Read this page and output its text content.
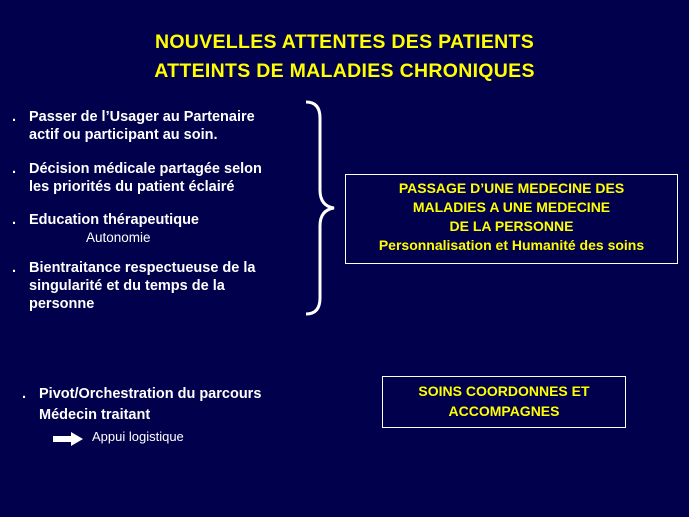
NOUVELLES ATTENTES DES PATIENTS
ATTEINTS DE MALADIES CHRONIQUES
. Passer de l’Usager au Partenaire
actif ou participant au soin.
. Décision médicale partagée selon
les priorités du patient éclairé
. Education thérapeutique
Autonomie
. Bientraitance respectueuse de la
singularité et du temps de la
personne
PASSAGE D’UNE MEDECINE DES
MALADIES A UNE MEDECINE
DE LA PERSONNE
Personnalisation et Humanité des soins
. Pivot/Orchestration du parcours
Médecin traitant
Appui logistique
SOINS COORDONNES ET
ACCOMPAGNES
